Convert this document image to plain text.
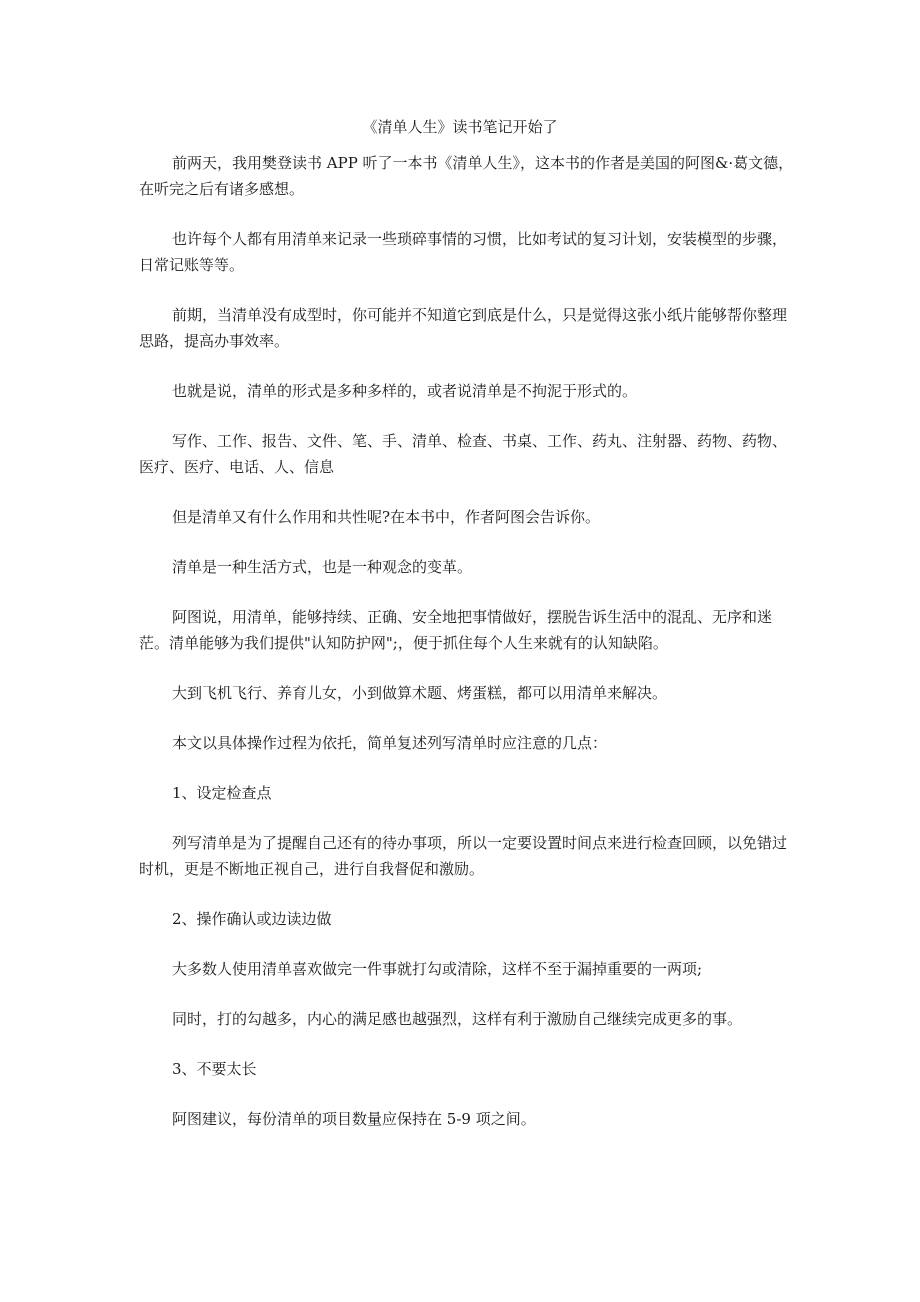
《清单人生》读书笔记开始了

前两天，我用樊登读书 APP 听了一本书《清单人生》，这本书的作者是美国的阿图&·葛文德，在听完之后有诸多感想。

也许每个人都有用清单来记录一些琐碎事情的习惯，比如考试的复习计划，安装模型的步骤，日常记账等等。

前期，当清单没有成型时，你可能并不知道它到底是什么，只是觉得这张小纸片能够帮你整理思路，提高办事效率。

也就是说，清单的形式是多种多样的，或者说清单是不拘泥于形式的。

写作、工作、报告、文件、笔、手、清单、检查、书桌、工作、药丸、注射器、药物、药物、医疗、医疗、电话、人、信息

但是清单又有什么作用和共性呢?在本书中，作者阿图会告诉你。

清单是一种生活方式，也是一种观念的变革。

阿图说，用清单，能够持续、正确、安全地把事情做好，摆脱告诉生活中的混乱、无序和迷茫。清单能够为我们提供"认知防护网";，便于抓住每个人生来就有的认知缺陷。

大到飞机飞行、养育儿女，小到做算术题、烤蛋糕，都可以用清单来解决。

本文以具体操作过程为依托，简单复述列写清单时应注意的几点：

1、设定检查点

列写清单是为了提醒自己还有的待办事项，所以一定要设置时间点来进行检查回顾，以免错过时机，更是不断地正视自己，进行自我督促和激励。

2、操作确认或边读边做

大多数人使用清单喜欢做完一件事就打勾或清除，这样不至于漏掉重要的一两项;

同时，打的勾越多，内心的满足感也越强烈，这样有利于激励自己继续完成更多的事。

3、不要太长

阿图建议，每份清单的项目数量应保持在 5-9 项之间。
